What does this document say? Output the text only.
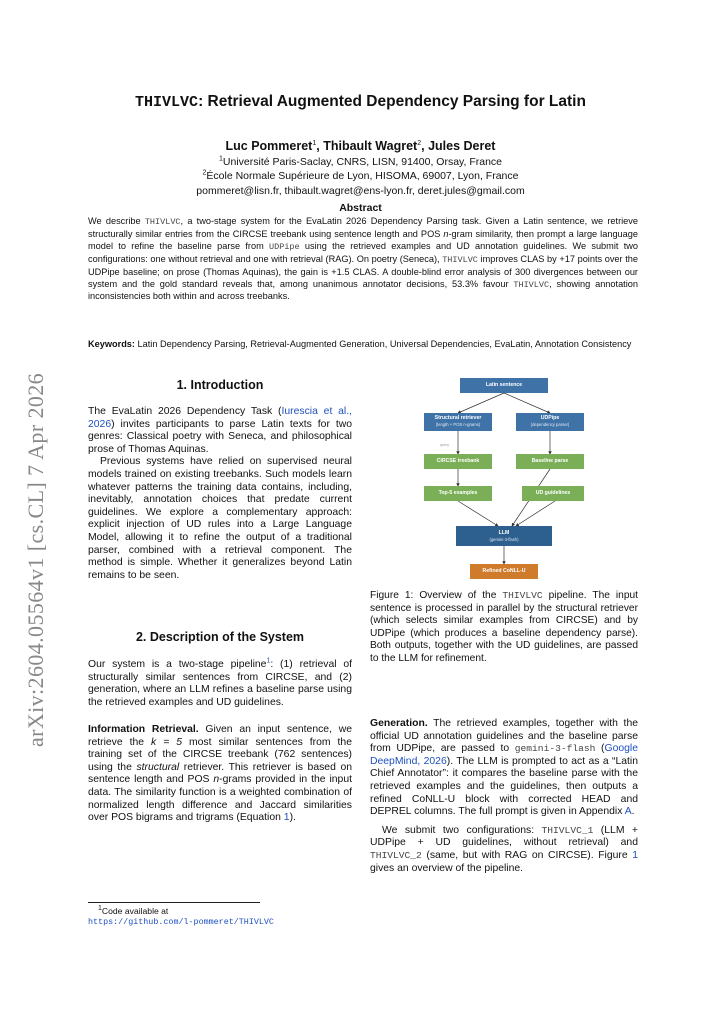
arXiv:2604.05564v1 [cs.CL] 7 Apr 2026
THIVLVC: Retrieval Augmented Dependency Parsing for Latin
Luc Pommeret$^1$, Thibault Wagret$^2$, Jules Deret
$^1$Université Paris-Saclay, CNRS, LISN, 91400, Orsay, France
$^2$École Normale Supérieure de Lyon, HISOMA, 69007, Lyon, France
pommeret@lisn.fr, thibault.wagret@ens-lyon.fr, deret.jules@gmail.com
Abstract
We describe THIVLVC, a two-stage system for the EvaLatin 2026 Dependency Parsing task. Given a Latin sentence, we retrieve structurally similar entries from the CIRCSE treebank using sentence length and POS n-gram similarity, then prompt a large language model to refine the baseline parse from UDPipe using the retrieved examples and UD annotation guidelines. We submit two configurations: one without retrieval and one with retrieval (RAG). On poetry (Seneca), THIVLVC improves CLAS by +17 points over the UDPipe baseline; on prose (Thomas Aquinas), the gain is +1.5 CLAS. A double-blind error analysis of 300 divergences between our system and the gold standard reveals that, among unanimous annotator decisions, 53.3% favour THIVLVC, showing annotation inconsistencies both within and across treebanks.
Keywords: Latin Dependency Parsing, Retrieval-Augmented Generation, Universal Dependencies, EvaLatin, Annotation Consistency
1. Introduction

The EvaLatin 2026 Dependency Task (Iurescia et al., 2026) invites participants to parse Latin texts for two genres: Classical poetry with Seneca, and philosophical prose of Thomas Aquinas.

Previous systems have relied on supervised neural models trained on existing treebanks. Such models learn whatever patterns the training data contains, including, inevitably, annotation choices that predate current guidelines. We explore a complementary approach: explicit injection of UD rules into a Large Language Model, allowing it to refine the output of a traditional parser, combined with a retrieval component. The method is simple. Whether it generalizes beyond Latin remains to be seen.

2. Description of the System

Our system is a two-stage pipeline$^1$: (1) retrieval of structurally similar sentences from CIRCSE, and (2) generation, where an LLM refines a baseline parse using the retrieved examples and UD guidelines.

Information Retrieval. Given an input sentence, we retrieve the k = 5 most similar sentences from the training set of the CIRCSE treebank (762 sentences) using the structural retriever. This retriever is based on sentence length and POS n-grams provided in the input data. The similarity function is a weighted combination of normalized length difference and Jaccard similarities over POS bigrams and trigrams (Equation 1).

$^1$Code available at
https://github.com/l-pommeret/THIVLVC
query
Latin sentence
Structural retriever
(length + POS n-grams)
UDPipe
(dependency parser)
CIRCSE treebank	Baseline parse
Top-5 examples	UD guidelines
LLM
(gemini-3-flash)
Refined CoNLL-U
Figure 1: Overview of the THIVLVC pipeline. The input sentence is processed in parallel by the structural retriever (which selects similar examples from CIRCSE) and by UDPipe (which produces a baseline dependency parse). Both outputs, together with the UD guidelines, are passed to the LLM for refinement.

Generation. The retrieved examples, together with the official UD annotation guidelines and the baseline parse from UDPipe, are passed to gemini-3-flash (Google DeepMind, 2026). The LLM is prompted to act as a “Latin Chief Annotator”: it compares the baseline parse with the retrieved examples and the guidelines, then outputs a refined CoNLL-U block with corrected HEAD and DEPREL columns. The full prompt is given in Appendix A.

We submit two configurations: THIVLVC_1 (LLM + UDPipe + UD guidelines, without retrieval) and THIVLVC_2 (same, but with RAG on CIRCSE). Figure 1 gives an overview of the pipeline.
